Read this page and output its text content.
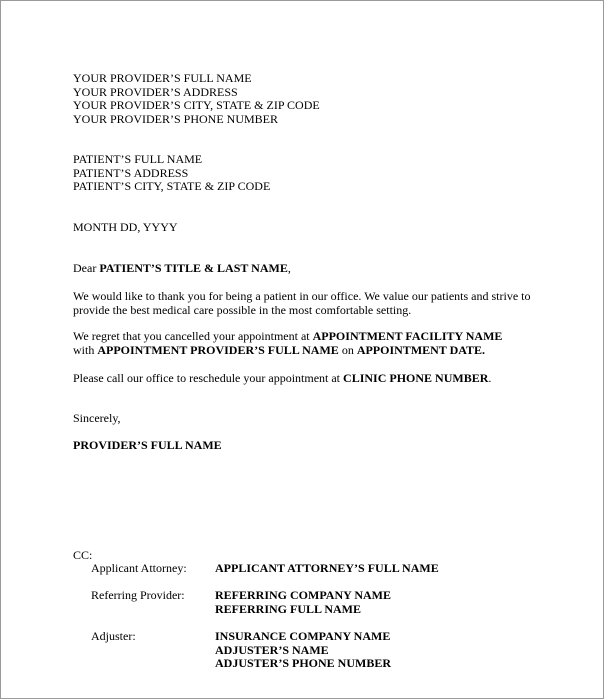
YOUR PROVIDER’S FULL NAME
YOUR PROVIDER’S ADDRESS
YOUR PROVIDER’S CITY, STATE & ZIP CODE
YOUR PROVIDER’S PHONE NUMBER
PATIENT’S FULL NAME
PATIENT’S ADDRESS
PATIENT’S CITY, STATE & ZIP CODE
MONTH DD, YYYY
Dear PATIENT’S TITLE & LAST NAME,
We would like to thank you for being a patient in our office. We value our patients and strive to
provide the best medical care possible in the most comfortable setting.
We regret that you cancelled your appointment at APPOINTMENT FACILITY NAME
with APPOINTMENT PROVIDER’S FULL NAME on APPOINTMENT DATE.
Please call our office to reschedule your appointment at CLINIC PHONE NUMBER.
Sincerely,
PROVIDER’S FULL NAME
CC:
Applicant Attorney: APPLICANT ATTORNEY’S FULL NAME
Referring Provider:	REFERRING COMPANY NAME
REFERRING FULL NAME
Adjuster:	INSURANCE COMPANY NAME
ADJUSTER’S NAME
ADJUSTER’S PHONE NUMBER
